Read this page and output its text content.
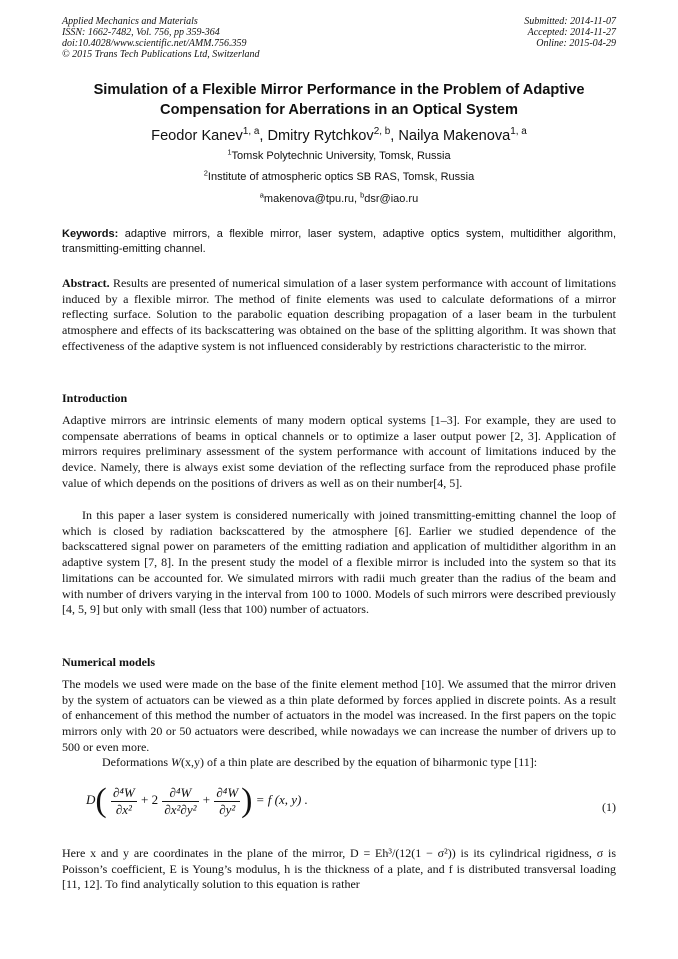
Applied Mechanics and Materials
ISSN: 1662-7482, Vol. 756, pp 359-364
doi:10.4028/www.scientific.net/AMM.756.359
© 2015 Trans Tech Publications Ltd, Switzerland
Submitted: 2014-11-07
Accepted: 2014-11-27
Online: 2015-04-29
Simulation of a Flexible Mirror Performance in the Problem of Adaptive
Compensation for Aberrations in an Optical System
Feodor Kanev$^{1, a}$, Dmitry Rytchkov$^{2, b}$, Nailya Makenova$^{1, a}$
$^1$Tomsk Polytechnic University, Tomsk, Russia
$^2$Institute of atmospheric optics SB RAS, Tomsk, Russia
$^a$makenova@tpu.ru, $^b$dsr@iao.ru
Keywords: adaptive mirrors, a flexible mirror, laser system, adaptive optics system, multidither algorithm, transmitting-emitting channel.
Abstract. Results are presented of numerical simulation of a laser system performance with account of limitations induced by a flexible mirror. The method of finite elements was used to calculate deformations of a mirror reflecting surface. Solution to the parabolic equation describing propagation of a laser beam in the turbulent atmosphere and effects of its backscattering was obtained on the base of the splitting algorithm. It was shown that effectiveness of the adaptive system is not influenced considerably by restrictions characteristic to the mirror.
Introduction
Adaptive mirrors are intrinsic elements of many modern optical systems [1–3]. For example, they are used to compensate aberrations of beams in optical channels or to optimize a laser output power [2, 3]. Application of mirrors requires preliminary assessment of the system performance with account of limitations induced by the device. Namely, there is always exist some deviation of the reflecting surface from the reproduced phase profile value of which depends on the positions of drivers as well as on their number[4, 5].
In this paper a laser system is considered numerically with joined transmitting-emitting channel the loop of which is closed by radiation backscattered by the atmosphere [6]. Earlier we studied dependence of the backscattered signal power on parameters of the emitting radiation and application of multidither algorithm in an adaptive system [7, 8]. In the present study the model of a flexible mirror is included into the system so that its limitations can be accounted for. We simulated mirrors with radii much greater than the radius of the beam and with number of drivers varying in the interval from 100 to 1000. Models of such mirrors were described previously [4, 5, 9] but only with small (less that 100) number of actuators.
Numerical models
The models we used were made on the base of the finite element method [10]. We assumed that the mirror driven by the system of actuators can be viewed as a thin plate deformed by forces applied in discrete points. As a result of enhancement of this method the number of actuators in the model was increased. In the first papers on the topic mirrors only with 20 or 50 actuators were described, while nowadays we can increase the number of drivers up to 500 or even more.
Deformations W(x,y) of a thin plate are described by the equation of biharmonic type [11]:
$D( \frac{\text{∂⁴W}}{\text{∂x²}} + 2 \frac{\text{∂⁴W}}{\text{∂x²∂y²}} + \frac{\text{∂⁴W}}{\text{∂y²}}$ ) = f (x, y) .
(1)
Here x and y are coordinates in the plane of the mirror, D = Eh³/(12(1 − σ²)) is its cylindrical rigidness, σ is Poisson’s coefficient, E is Young’s modulus, h is the thickness of a plate, and f is distributed transversal loading [11, 12]. To find analytically solution to this equation is rather
